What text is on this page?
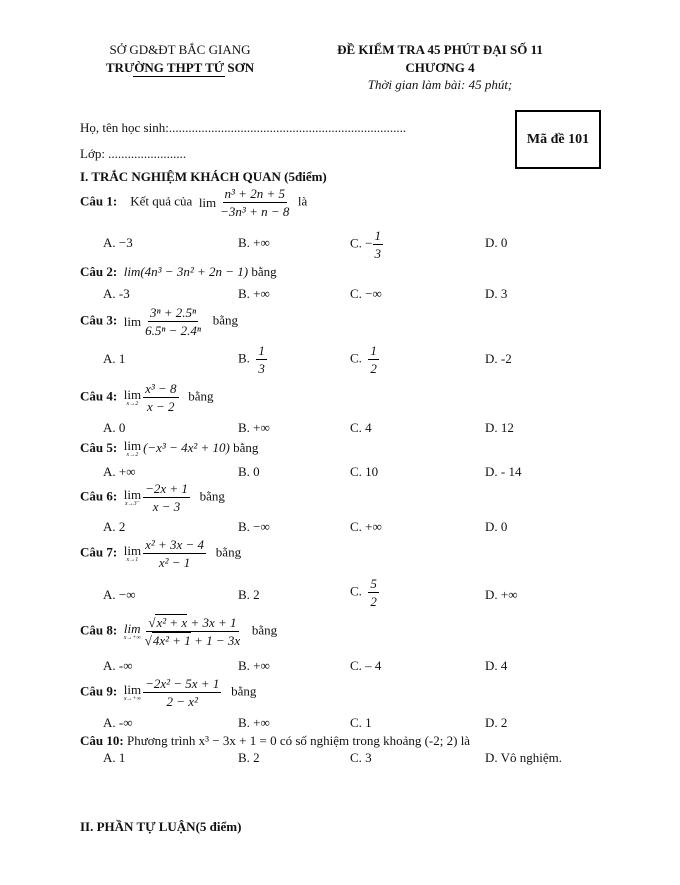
SỞ GD&ĐT BẮC GIANG
TRƯỜNG THPT TỨ SƠN
ĐỀ KIỂM TRA 45 PHÚT ĐẠI SỐ 11
CHƯƠNG 4
Thời gian làm bài: 45 phút;
Họ, tên học sinh:.........................................................................
Lớp: ........................
Mã đề 101
I. TRẮC NGHIỆM KHÁCH QUAN (5điểm)
Câu 1: Kết quả của $\lim \frac{\text{n³ + 2n + 5}}{\text{−3n³ + n − 8}}$ là
A. −3	B. +∞	C. − $\frac{1}{3}$	D. 0
Câu 2: lim(4n³ − 3n² + 2n − 1) bằng
A. -3	B. +∞	C. −∞	D. 3
Câu 3: $\lim \frac{\text{3ⁿ + 2.5ⁿ}}{\text{6.5ⁿ − 2.4ⁿ}}$ bằng
A. 1	B. $\frac{1}{3}$	C. $\frac{1}{2}$	D. -2
Câu 4: lim
$x\to 2 \frac{\text{x³ − 8}}{x - 2}$ bằng
A. 0	B. +∞	C. 4	D. 12
Câu 5: lim
x→2
(−x³ − 4x² + 10) bằng
A. +∞	B. 0	C. 10	D. - 14
Câu 6: lim
$x\to 3^- \frac{-2x + 1}{x - 3}$ bằng
A. 2	B. −∞	C. +∞	D. 0
Câu 7: lim
$x\to 1 \frac{\text{x² + 3x − 4}}{\text{x² − 1}}$ bằng
A. −∞	B. 2	C. $\frac{5}{2}$	D. +∞
Câu 8: lim
$x\to+\infty \frac{\text{√x² + x + 3x + 1}}{\text{√4x² + 1 + 1 − 3x}}$ bằng
A. -∞	B. +∞	C. – 4	D. 4
Câu 9: lim
$x\to+\infty \frac{\text{−2x² − 5x + 1}}{\text{2 − x²}}$ bằng
A. -∞	B. +∞	C. 1	D. 2
Câu 10: Phương trình x³ − 3x + 1 = 0 có số nghiệm trong khoảng (-2; 2) là
A. 1	B. 2	C. 3	D. Vô nghiệm.
II. PHẦN TỰ LUẬN(5 điểm)
